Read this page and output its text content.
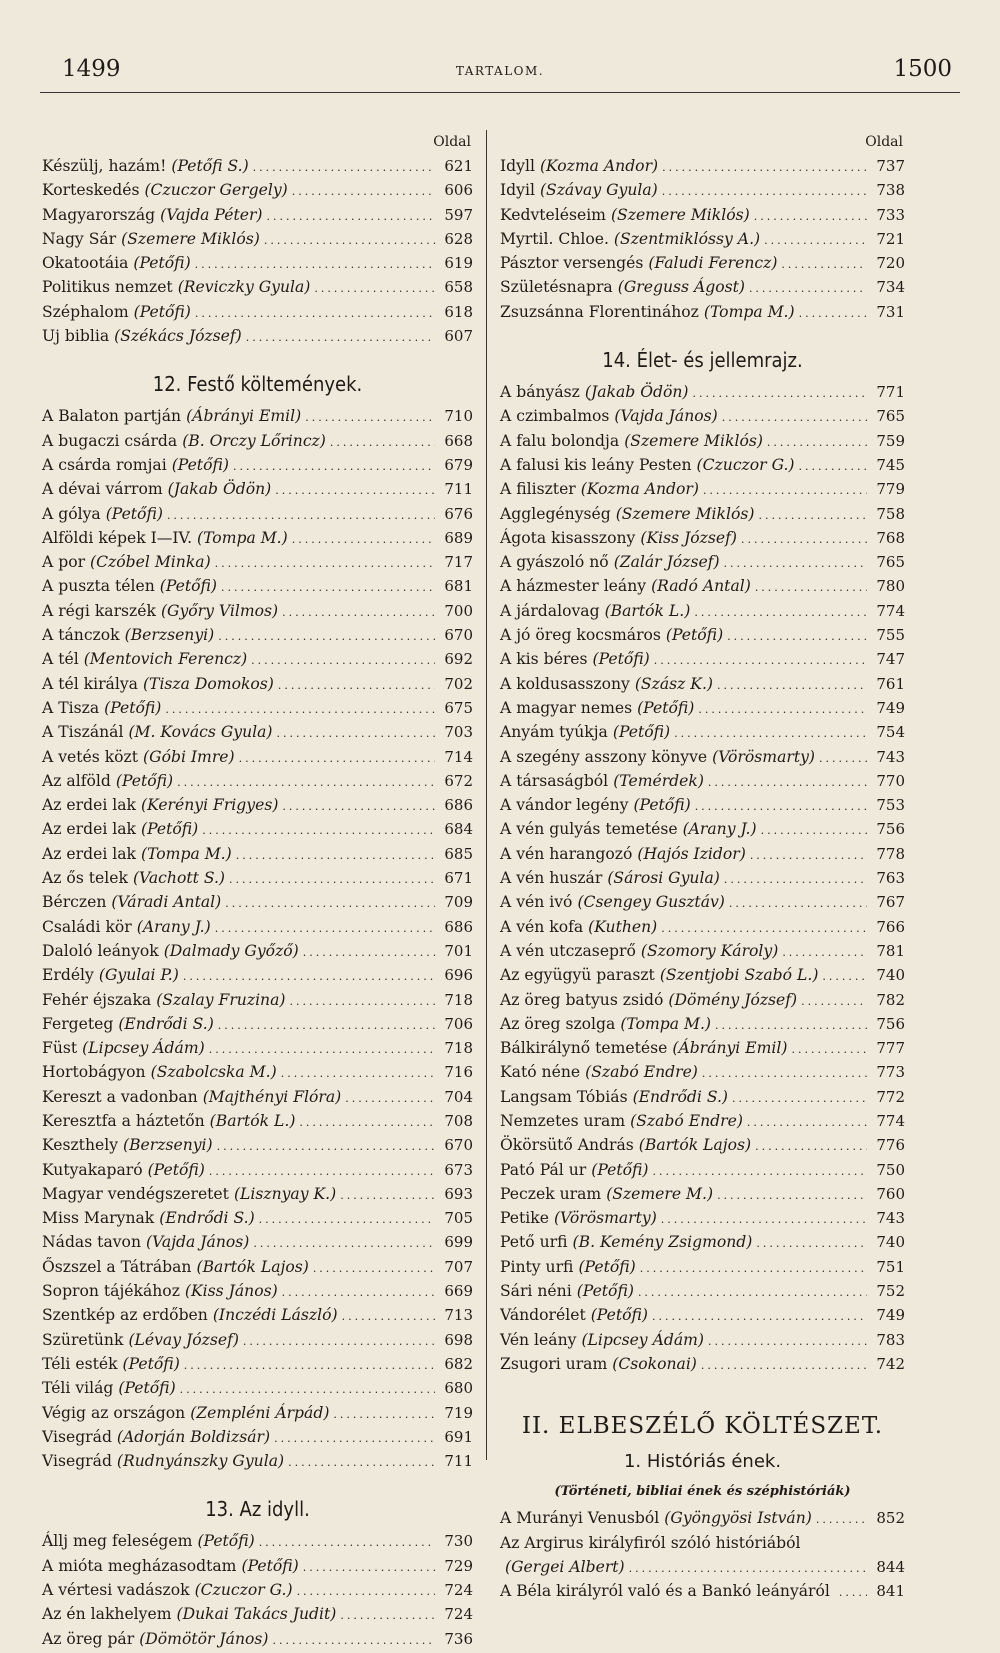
1499	TARTALOM.	1500
Oldal
Készülj, hazám! (Petőfi S.) .....	621
Korteskedés (Czuczor Gergely) .....	606
Magyarország (Vajda Péter) .....	597
Nagy Sár (Szemere Miklós) .....	628
Okatootáia (Petőfi) .....	619
Politikus nemzet (Reviczky Gyula) .....	658
Széphalom (Petőfi) .....	618
Uj biblia (Székács József) .....	607
12. Festő költemények.
A Balaton partján (Ábrányi Emil) .....	710
A bugaczi csárda (B. Orczy Lőrincz) .....	668
A csárda romjai (Petőfi) .....	679
A dévai várrom (Jakab Ödön) .....	711
A gólya (Petőfi) .....	676
Alföldi képek I—IV. (Tompa M.) .....	689
A por (Czóbel Minka) .....	717
A puszta télen (Petőfi) .....	681
A régi karszék (Győry Vilmos) .....	700
A tánczok (Berzsenyi) .....	670
A tél (Mentovich Ferencz) .....	692
A tél királya (Tisza Domokos) .....	702
A Tisza (Petőfi) .....	675
A Tiszánál (M. Kovács Gyula) .....	703
A vetés közt (Góbi Imre) .....	714
Az alföld (Petőfi) .....	672
Az erdei lak (Kerényi Frigyes) .....	686
Az erdei lak (Petőfi) .....	684
Az erdei lak (Tompa M.) .....	685
Az ős telek (Vachott S.) .....	671
Bérczen (Váradi Antal) .....	709
Családi kör (Arany J.) .....	686
Daloló leányok (Dalmady Győző) .....	701
Erdély (Gyulai P.) .....	696
Fehér éjszaka (Szalay Fruzina) .....	718
Fergeteg (Endrődi S.) .....	706
Füst (Lipcsey Ádám) .....	718
Hortobágyon (Szabolcska M.) .....	716
Kereszt a vadonban (Majthényi Flóra) .....	704
Keresztfa a háztetőn (Bartók L.) .....	708
Keszthely (Berzsenyi) .....	670
Kutyakaparó (Petőfi) .....	673
Magyar vendégszeretet (Lisznyay K.) .....	693
Miss Marynak (Endrődi S.) .....	705
Nádas tavon (Vajda János) .....	699
Őszszel a Tátrában (Bartók Lajos) .....	707
Sopron tájékához (Kiss János) .....	669
Szentkép az erdőben (Inczédi László) .....	713
Szüretünk (Lévay József) .....	698
Téli esték (Petőfi) .....	682
Téli világ (Petőfi) .....	680
Végig az országon (Zempléni Árpád) .....	719
Visegrád (Adorján Boldizsár) .....	691
Visegrád (Rudnyánszky Gyula) .....	711
13. Az idyll.
Állj meg feleségem (Petőfi) .....	730
A mióta megházasodtam (Petőfi) .....	729
A vértesi vadászok (Czuczor G.) .....	724
Az én lakhelyem (Dukai Takács Judit) .....	724
Az öreg pár (Dömötör János) .....	736
Oldal
Idyll (Kozma Andor) .....	737
Idyil (Szávay Gyula) .....	738
Kedvteléseim (Szemere Miklós) .....	733
Myrtil. Chloe. (Szentmiklóssy A.) .....	721
Pásztor versengés (Faludi Ferencz) .....	720
Születésnapra (Greguss Ágost) .....	734
Zsuzsánna Florentinához (Tompa M.) .....	731
14. Élet- és jellemrajz.
A bányász (Jakab Ödön) .....	771
A czimbalmos (Vajda János) .....	765
A falu bolondja (Szemere Miklós) .....	759
A falusi kis leány Pesten (Czuczor G.) .....	745
A filiszter (Kozma Andor) .....	779
Agglegénység (Szemere Miklós) .....	758
Ágota kisasszony (Kiss József) .....	768
A gyászoló nő (Zalár József) .....	765
A házmester leány (Radó Antal) .....	780
A járdalovag (Bartók L.) .....	774
A jó öreg kocsmáros (Petőfi) .....	755
A kis béres (Petőfi) .....	747
A koldusasszony (Szász K.) .....	761
A magyar nemes (Petőfi) .....	749
Anyám tyúkja (Petőfi) .....	754
A szegény asszony könyve (Vörösmarty) .....	743
A társaságból (Temérdek) .....	770
A vándor legény (Petőfi) .....	753
A vén gulyás temetése (Arany J.) .....	756
A vén harangozó (Hajós Izidor) .....	778
A vén huszár (Sárosi Gyula) .....	763
A vén ivó (Csengey Gusztáv) .....	767
A vén kofa (Kuthen) .....	766
A vén utczaseprő (Szomory Károly) .....	781
Az együgyü paraszt (Szentjobi Szabó L.) .....	740
Az öreg batyus zsidó (Dömény József) .....	782
Az öreg szolga (Tompa M.) .....	756
Bálkirálynő temetése (Ábrányi Emil) .....	777
Kató néne (Szabó Endre) .....	773
Langsam Tóbiás (Endrődi S.) .....	772
Nemzetes uram (Szabó Endre) .....	774
Ökörsütő András (Bartók Lajos) .....	776
Pató Pál ur (Petőfi) .....	750
Peczek uram (Szemere M.) .....	760
Petike (Vörösmarty) .....	743
Pető urfi (B. Kemény Zsigmond) .....	740
Pinty urfi (Petőfi) .....	751
Sári néni (Petőfi) .....	752
Vándorélet (Petőfi) .....	749
Vén leány (Lipcsey Ádám) .....	783
Zsugori uram (Csokonai) .....	742
II. ELBESZÉLŐ KÖLTÉSZET.
1. Históriás ének.
(Történeti, bibliai ének és széphistóriák)
A Murányi Venusból (Gyöngyösi István) .....	852
Az Argirus királyfiról szóló históriából
(Gergei Albert) .....	844
A Béla királyról való és a Bankó leányáról .....	841
